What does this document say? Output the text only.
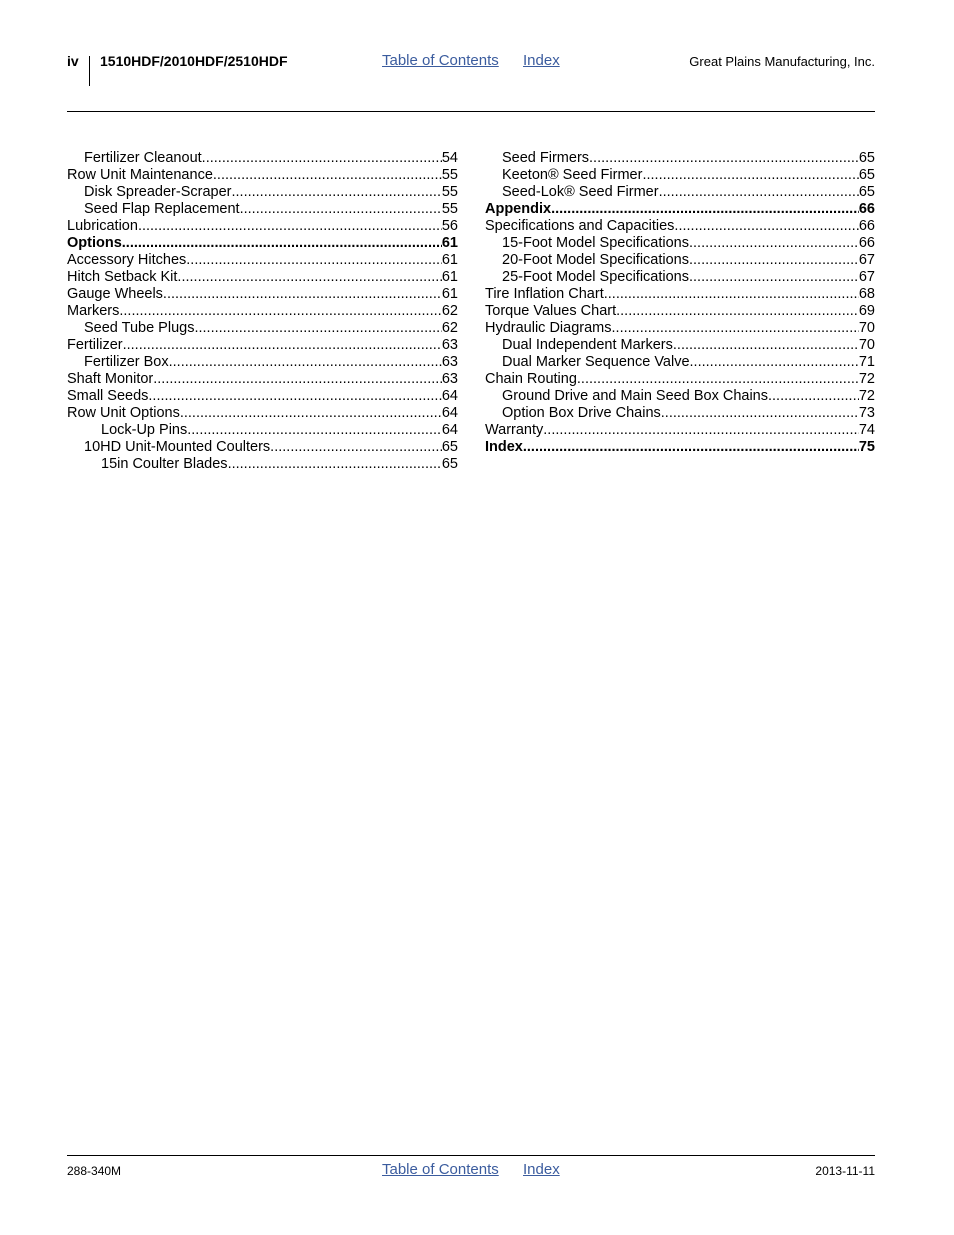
iv 1510HDF/2010HDF/2510HDF	Table of Contents Index	Great Plains Manufacturing, Inc.
Fertilizer Cleanout .....	54
Row Unit Maintenance .....	55
Disk Spreader-Scraper .....	55
Seed Flap Replacement .....	55
Lubrication .....	56
Options .....	61
Accessory Hitches .....	61
Hitch Setback Kit .....	61
Gauge Wheels .....	61
Markers .....	62
Seed Tube Plugs .....	62
Fertilizer .....	63
Fertilizer Box .....	63
Shaft Monitor .....	63
Small Seeds .....	64
Row Unit Options .....	64
Lock-Up Pins .....	64
10HD Unit-Mounted Coulters .....	65
15in Coulter Blades .....	65
Seed Firmers .....	65
Keeton® Seed Firmer .....	65
Seed-Lok® Seed Firmer .....	65
Appendix .....	66
Specifications and Capacities .....	66
15-Foot Model Specifications .....	66
20-Foot Model Specifications .....	67
25-Foot Model Specifications .....	67
Tire Inflation Chart .....	68
Torque Values Chart .....	69
Hydraulic Diagrams .....	70
Dual Independent Markers .....	70
Dual Marker Sequence Valve .....	71
Chain Routing .....	72
Ground Drive and Main Seed Box Chains .....	72
Option Box Drive Chains .....	73
Warranty .....	74
Index .....	75
288-340M	Table of Contents Index	2013-11-11
